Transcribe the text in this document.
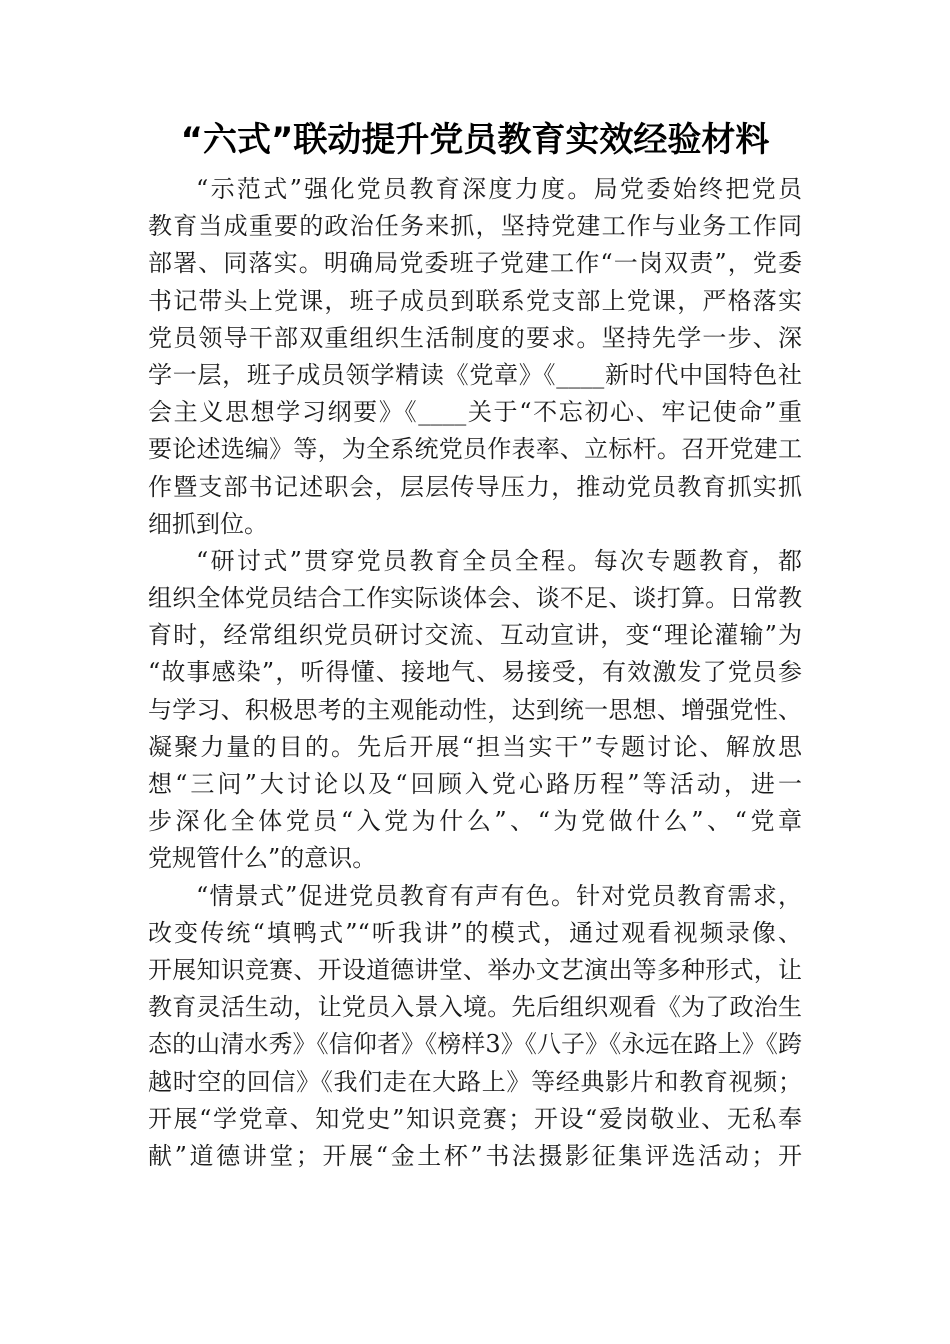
“六式”联动提升党员教育实效经验材料
“示范式”强化党员教育深度力度。局党委始终把党员
教育当成重要的政治任务来抓，坚持党建工作与业务工作同
部署、同落实。明确局党委班子党建工作“一岗双责”，党委
书记带头上党课，班子成员到联系党支部上党课，严格落实
党员领导干部双重组织生活制度的要求。坚持先学一步、深
学一层，班子成员领学精读《党章》《____新时代中国特色社
会主义思想学习纲要》《____关于“不忘初心、牢记使命”重
要论述选编》等，为全系统党员作表率、立标杆。召开党建工
作暨支部书记述职会，层层传导压力，推动党员教育抓实抓
细抓到位。
“研讨式”贯穿党员教育全员全程。每次专题教育，都
组织全体党员结合工作实际谈体会、谈不足、谈打算。日常教
育时，经常组织党员研讨交流、互动宣讲，变“理论灌输”为
“故事感染”，听得懂、接地气、易接受，有效激发了党员参
与学习、积极思考的主观能动性，达到统一思想、增强党性、
凝聚力量的目的。先后开展“担当实干”专题讨论、解放思
想“三问”大讨论以及“回顾入党心路历程”等活动，进一
步深化全体党员“入党为什么”、“为党做什么”、“党章
党规管什么”的意识。
“情景式”促进党员教育有声有色。针对党员教育需求，
改变传统“填鸭式”“听我讲”的模式，通过观看视频录像、
开展知识竞赛、开设道德讲堂、举办文艺演出等多种形式，让
教育灵活生动，让党员入景入境。先后组织观看《为了政治生
态的山清水秀》《信仰者》《榜样3》《八子》《永远在路上》《跨
越时空的回信》《我们走在大路上》等经典影片和教育视频；
开展“学党章、知党史”知识竞赛；开设“爱岗敬业、无私奉
献”道德讲堂；开展“金土杯”书法摄影征集评选活动；开
